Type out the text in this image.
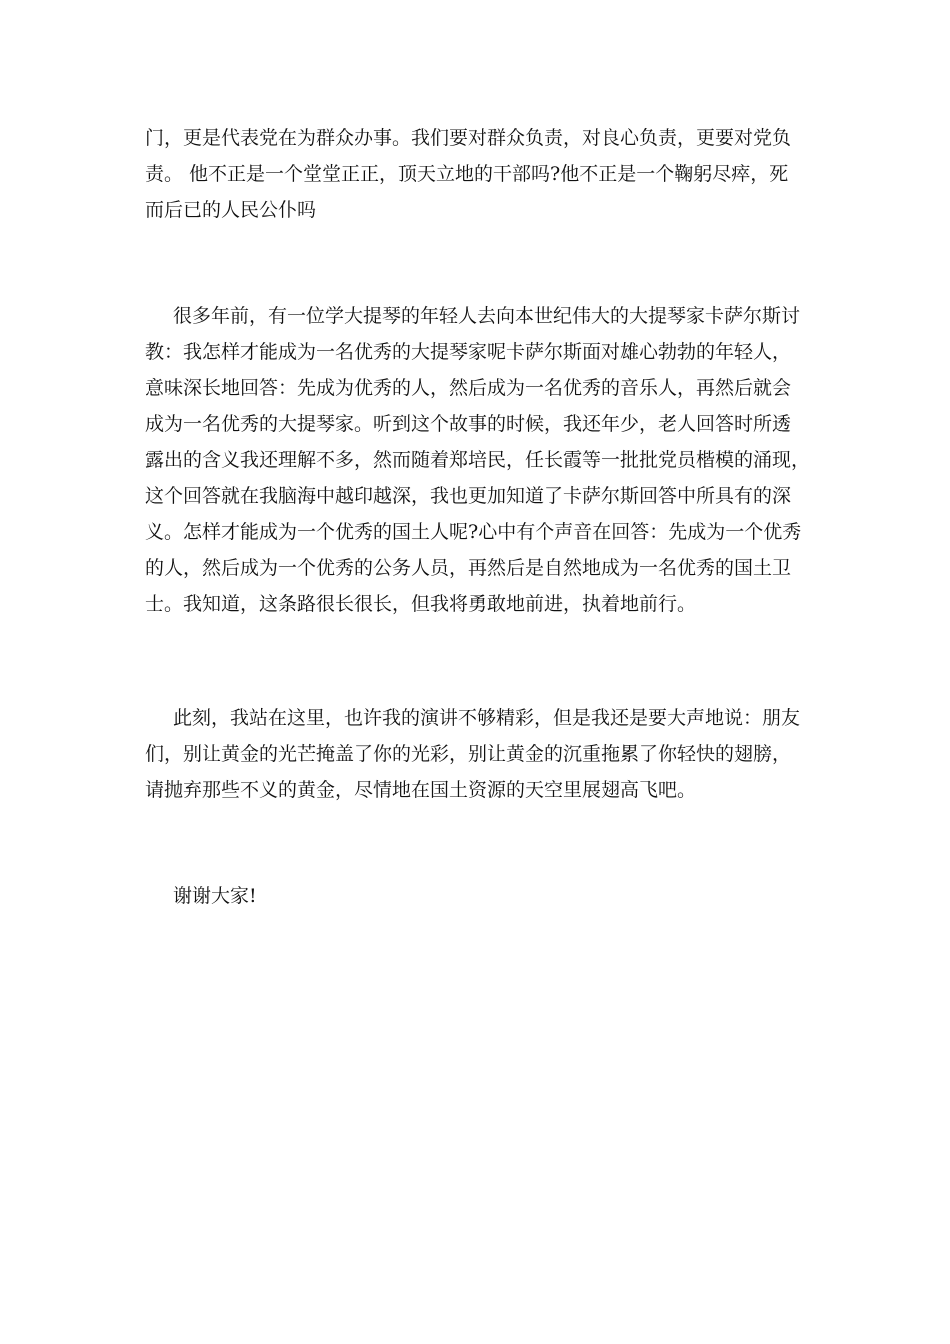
门，更是代表党在为群众办事。我们要对群众负责，对良心负责，更要对党负

责。 他不正是一个堂堂正正，顶天立地的干部吗?他不正是一个鞠躬尽瘁，死

而后已的人民公仆吗

很多年前，有一位学大提琴的年轻人去向本世纪伟大的大提琴家卡萨尔斯讨

教：我怎样才能成为一名优秀的大提琴家呢卡萨尔斯面对雄心勃勃的年轻人，

意味深长地回答：先成为优秀的人，然后成为一名优秀的音乐人，再然后就会

成为一名优秀的大提琴家。听到这个故事的时候，我还年少，老人回答时所透

露出的含义我还理解不多，然而随着郑培民，任长霞等一批批党员楷模的涌现，

这个回答就在我脑海中越印越深，我也更加知道了卡萨尔斯回答中所具有的深

义。怎样才能成为一个优秀的国土人呢?心中有个声音在回答：先成为一个优秀

的人，然后成为一个优秀的公务人员，再然后是自然地成为一名优秀的国土卫

士。我知道，这条路很长很长，但我将勇敢地前进，执着地前行。

此刻，我站在这里，也许我的演讲不够精彩，但是我还是要大声地说：朋友

们，别让黄金的光芒掩盖了你的光彩，别让黄金的沉重拖累了你轻快的翅膀，

请抛弃那些不义的黄金，尽情地在国土资源的天空里展翅高飞吧。

谢谢大家!
